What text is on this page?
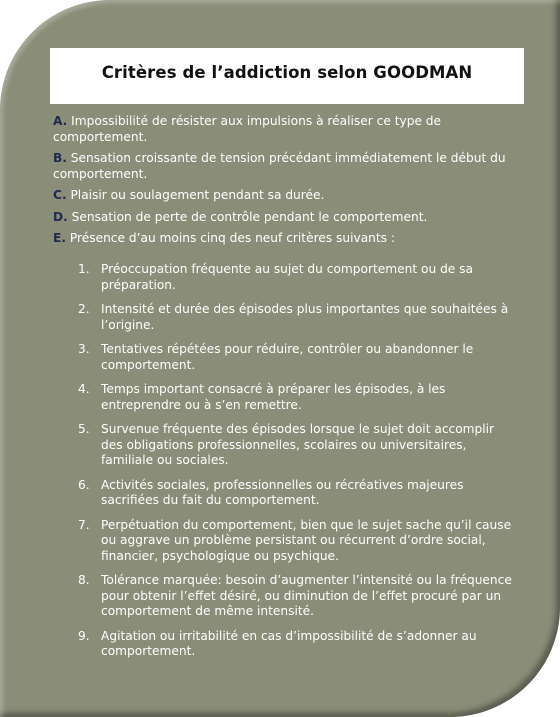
Critères de l’addiction selon GOODMAN
A. Impossibilité de résister aux impulsions à réaliser ce type de comportement.
B. Sensation croissante de tension précédant immédiatement le début du comportement.
C. Plaisir ou soulagement pendant sa durée.
D. Sensation de perte de contrôle pendant le comportement.
E. Présence d’au moins cinq des neuf critères suivants :
1. Préoccupation fréquente au sujet du comportement ou de sa préparation.
2. Intensité et durée des épisodes plus importantes que souhaitées à l’origine.
3. Tentatives répétées pour réduire, contrôler ou abandonner le comportement.
4. Temps important consacré à préparer les épisodes, à les entreprendre ou à s’en remettre.
5. Survenue fréquente des épisodes lorsque le sujet doit accomplir des obligations professionnelles, scolaires ou universitaires, familiale ou sociales.
6. Activités sociales, professionnelles ou récréatives majeures sacrifiées du fait du comportement.
7. Perpétuation du comportement, bien que le sujet sache qu’il cause ou aggrave un problème persistant ou récurrent d’ordre social, financier, psychologique ou psychique.
8. Tolérance marquée: besoin d’augmenter l’intensité ou la fréquence pour obtenir l’effet désiré, ou diminution de l’effet procuré par un comportement de même intensité.
9. Agitation ou irritabilité en cas d’impossibilité de s’adonner au comportement.
